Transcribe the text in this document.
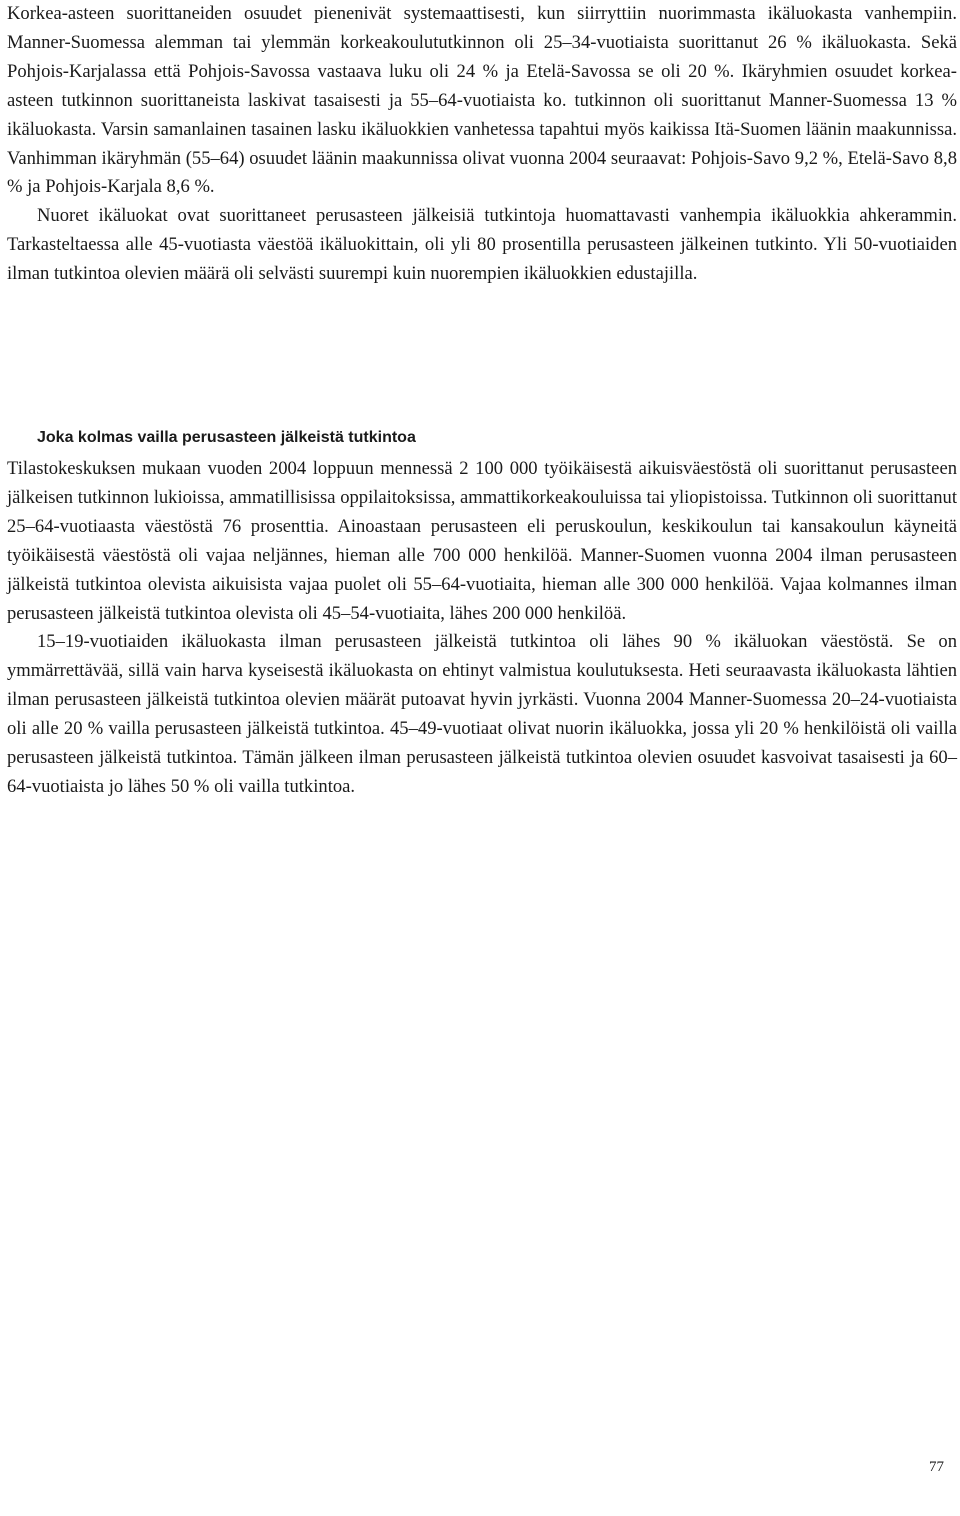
Korkea-asteen suorittaneiden osuudet pienenivät systemaattisesti, kun siirryttiin nuorimmasta ikäluokasta vanhempiin. Manner-Suomessa alemman tai ylemmän korkeakoulututkinnon oli 25–34-vuotiaista suorittanut 26 % ikäluokasta. Sekä Pohjois-Karjalassa että Pohjois-Savossa vastaava luku oli 24 % ja Etelä-Savossa se oli 20 %. Ikäryhmien osuudet korkea-asteen tutkinnon suorittaneista laskivat tasaisesti ja 55–64-vuotiaista ko. tutkinnon oli suorittanut Manner-Suomessa 13 % ikäluokasta. Varsin samanlainen tasainen lasku ikäluokkien vanhetessa tapahtui myös kaikissa Itä-Suomen läänin maakunnissa. Vanhimman ikäryhmän (55–64) osuudet läänin maakunnissa olivat vuonna 2004 seuraavat: Pohjois-Savo 9,2 %, Etelä-Savo 8,8 % ja Pohjois-Karjala 8,6 %.

Nuoret ikäluokat ovat suorittaneet perusasteen jälkeisiä tutkintoja huomattavasti vanhempia ikäluokkia ahkerammin. Tarkasteltaessa alle 45-vuotiasta väestöä ikäluokittain, oli yli 80 prosentilla perusasteen jälkeinen tutkinto. Yli 50-vuotiaiden ilman tutkintoa olevien määrä oli selvästi suurempi kuin nuorempien ikäluokkien edustajilla.

Joka kolmas vailla perusasteen jälkeistä tutkintoa

Tilastokeskuksen mukaan vuoden 2004 loppuun mennessä 2 100 000 työikäisestä aikuisväestöstä oli suorittanut perusasteen jälkeisen tutkinnon lukioissa, ammatillisissa oppilaitoksissa, ammattikorkeakouluissa tai yliopistoissa. Tutkinnon oli suorittanut 25–64-vuotiaasta väestöstä 76 prosenttia. Ainoastaan perusasteen eli peruskoulun, keskikoulun tai kansakoulun käyneitä työikäisestä väestöstä oli vajaa neljännes, hieman alle 700 000 henkilöä. Manner-Suomen vuonna 2004 ilman perusasteen jälkeistä tutkintoa olevista aikuisista vajaa puolet oli 55–64-vuotiaita, hieman alle 300 000 henkilöä. Vajaa kolmannes ilman perusasteen jälkeistä tutkintoa olevista oli 45–54-vuotiaita, lähes 200 000 henkilöä.

15–19-vuotiaiden ikäluokasta ilman perusasteen jälkeistä tutkintoa oli lähes 90 % ikäluokan väestöstä. Se on ymmärrettävää, sillä vain harva kyseisestä ikäluokasta on ehtinyt valmistua koulutuksesta. Heti seuraavasta ikäluokasta lähtien ilman perusasteen jälkeistä tutkintoa olevien määrät putoavat hyvin jyrkästi. Vuonna 2004 Manner-Suomessa 20–24-vuotiaista oli alle 20 % vailla perusasteen jälkeistä tutkintoa. 45–49-vuotiaat olivat nuorin ikäluokka, jossa yli 20 % henkilöistä oli vailla perusasteen jälkeistä tutkintoa. Tämän jälkeen ilman perusasteen jälkeistä tutkintoa olevien osuudet kasvoivat tasaisesti ja 60–64-vuotiaista jo lähes 50 % oli vailla tutkintoa.

77
